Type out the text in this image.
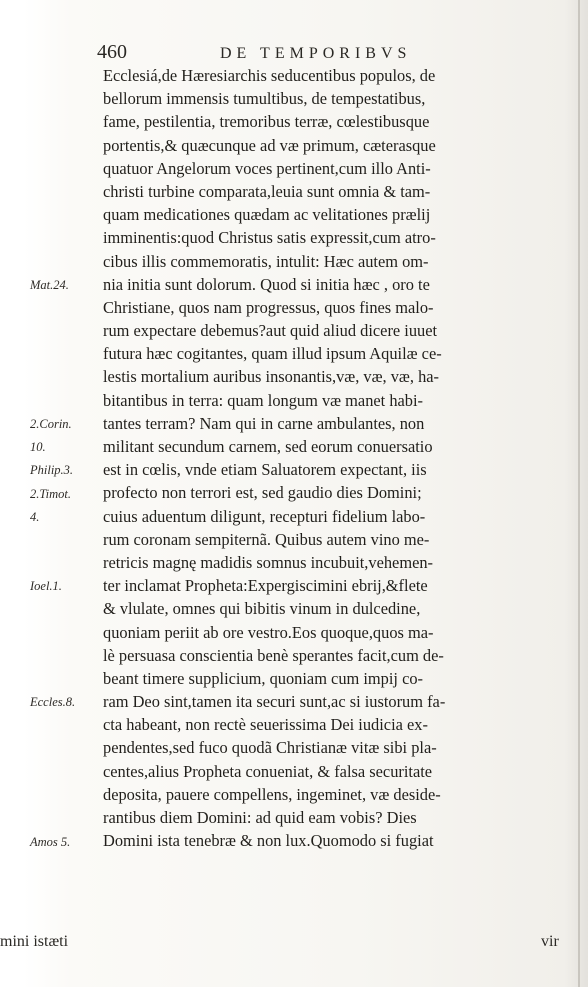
460	DE TEMPORIBVS
Ecclesiá,de Hæresiarchis seducentibus populos, de
bellorum immensis tumultibus, de tempestatibus,
fame, pestilentia, tremoribus terræ, cœlestibusque
portentis,& quæcunque ad væ primum, cæterasque
quatuor Angelorum voces pertinent,cum illo Anti-
christi turbine comparata,leuia sunt omnia & tam-
quam medicationes quædam ac velitationes prælij
imminentis:quod Christus satis expressit,cum atro-
cibus illis commemoratis, intulit: Hæc autem om-
nia initia sunt dolorum. Quod si initia hæc , oro te
Christiane, quos nam progressus, quos fines malo-
rum expectare debemus?aut quid aliud dicere iuuet
futura hæc cogitantes, quam illud ipsum Aquilæ ce-
lestis mortalium auribus insonantis,væ, væ, væ, ha-
bitantibus in terra: quam longum væ manet habi-
tantes terram? Nam qui in carne ambulantes, non
militant secundum carnem, sed eorum conuersatio
est in cœlis, vnde etiam Saluatorem expectant, iis
profecto non terrori est, sed gaudio dies Domini;
cuius aduentum diligunt, recepturi fidelium labo-
rum coronam sempiternã. Quibus autem vino me-
retricis magnę madidis somnus incubuit,vehemen-
ter inclamat Propheta:Expergiscimini ebrij,&flete
& vlulate, omnes qui bibitis vinum in dulcedine,
quoniam periit ab ore vestro.Eos quoque,quos ma-
lè persuasa conscientia benè sperantes facit,cum de-
beant timere supplicium, quoniam cum impij co-
ram Deo sint,tamen ita securi sunt,ac si iustorum fa-
cta habeant, non rectè seuerissima Dei iudicia ex-
pendentes,sed fuco quodã Christianæ vitæ sibi pla-
centes,alius Propheta conueniat, & falsa securitate
deposita, pauere compellens, ingeminet, væ deside-
rantibus diem Domini: ad quid eam vobis? Dies
Domini ista tenebræ & non lux.Quomodo si fugiat
Mat.24.
2.Corin.
10.
Philip.3.
2.Timot.
4.
Ioel.1.
Eccles.8.
Amos 5.
mini istæti	vir
